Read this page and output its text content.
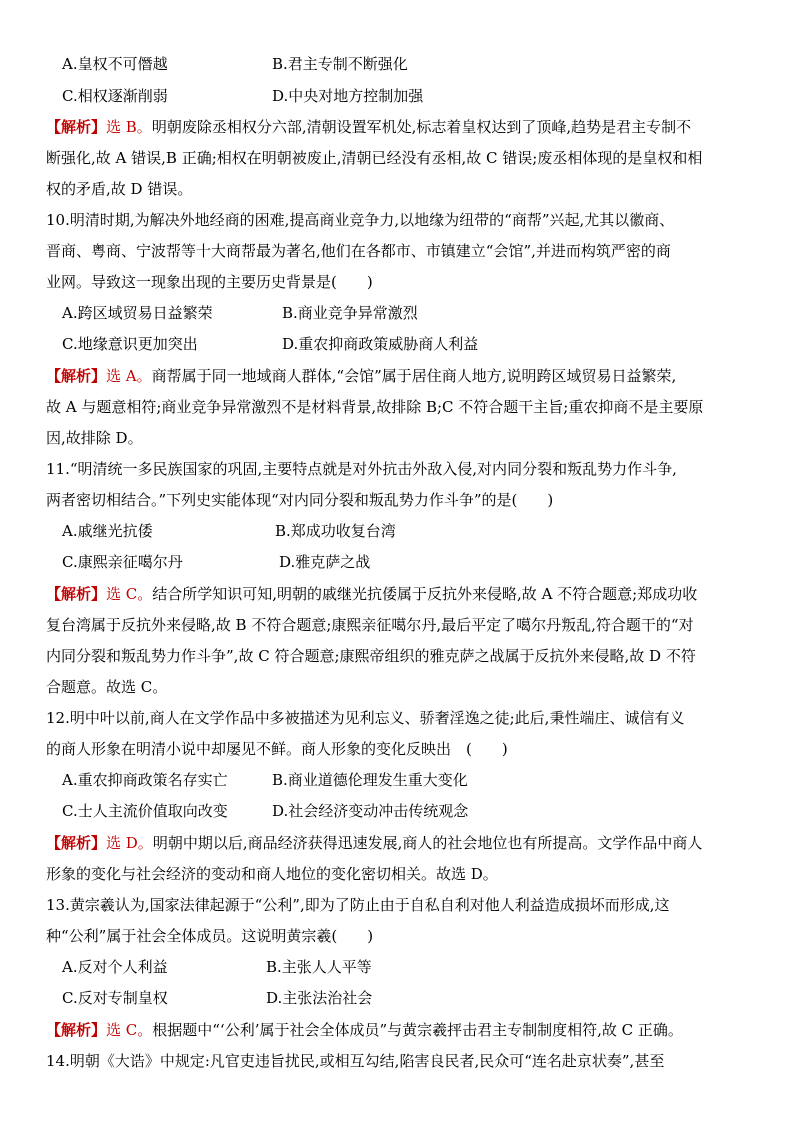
A.皇权不可僭越	B.君主专制不断强化
C.相权逐渐削弱	D.中央对地方控制加强
【解析】选 B。明朝废除丞相权分六部,清朝设置军机处,标志着皇权达到了顶峰,趋势是君主专制不
断强化,故 A 错误,B 正确;相权在明朝被废止,清朝已经没有丞相,故 C 错误;废丞相体现的是皇权和相
权的矛盾,故 D 错误。
10.明清时期,为解决外地经商的困难,提高商业竞争力,以地缘为纽带的“商帮”兴起,尤其以徽商、
晋商、粤商、宁波帮等十大商帮最为著名,他们在各都市、市镇建立“会馆”,并进而构筑严密的商
业网。导致这一现象出现的主要历史背景是(　　)
A.跨区域贸易日益繁荣	B.商业竞争异常激烈
C.地缘意识更加突出	D.重农抑商政策威胁商人利益
【解析】选 A。商帮属于同一地域商人群体,“会馆”属于居住商人地方,说明跨区域贸易日益繁荣,
故 A 与题意相符;商业竞争异常激烈不是材料背景,故排除 B;C 不符合题干主旨;重农抑商不是主要原
因,故排除 D。
11.“明清统一多民族国家的巩固,主要特点就是对外抗击外敌入侵,对内同分裂和叛乱势力作斗争,
两者密切相结合。”下列史实能体现“对内同分裂和叛乱势力作斗争”的是(　　)
A.戚继光抗倭	B.郑成功收复台湾
C.康熙亲征噶尔丹	D.雅克萨之战
【解析】选 C。结合所学知识可知,明朝的戚继光抗倭属于反抗外来侵略,故 A 不符合题意;郑成功收
复台湾属于反抗外来侵略,故 B 不符合题意;康熙亲征噶尔丹,最后平定了噶尔丹叛乱,符合题干的“对
内同分裂和叛乱势力作斗争”,故 C 符合题意;康熙帝组织的雅克萨之战属于反抗外来侵略,故 D 不符
合题意。故选 C。
12.明中叶以前,商人在文学作品中多被描述为见利忘义、骄奢淫逸之徒;此后,秉性端庄、诚信有义
的商人形象在明清小说中却屡见不鲜。商人形象的变化反映出　(　　)
A.重农抑商政策名存实亡	B.商业道德伦理发生重大变化
C.士人主流价值取向改变	D.社会经济变动冲击传统观念
【解析】选 D。明朝中期以后,商品经济获得迅速发展,商人的社会地位也有所提高。文学作品中商人
形象的变化与社会经济的变动和商人地位的变化密切相关。故选 D。
13.黄宗羲认为,国家法律起源于“公利”,即为了防止由于自私自利对他人利益造成损坏而形成,这
种“公利”属于社会全体成员。这说明黄宗羲(　　)
A.反对个人利益	B.主张人人平等
C.反对专制皇权	D.主张法治社会
【解析】选 C。根据题中“‘公利’属于社会全体成员”与黄宗羲抨击君主专制制度相符,故 C 正确。
14.明朝《大诰》中规定:凡官吏违旨扰民,或相互勾结,陷害良民者,民众可“连名赴京状奏”,甚至
